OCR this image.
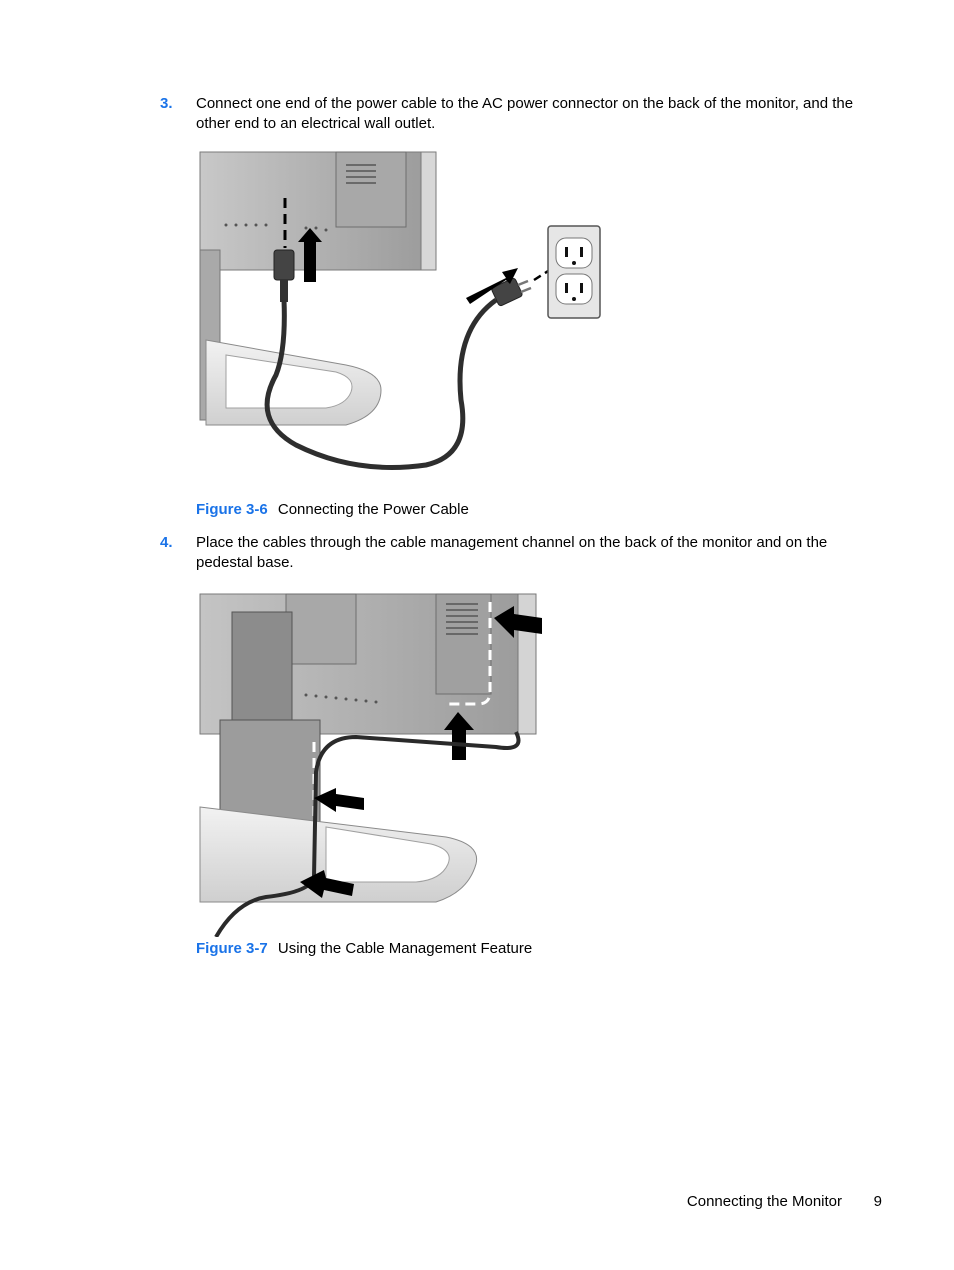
3. Connect one end of the power cable to the AC power connector on the back of the monitor, and the other end to an electrical wall outlet.
Figure 3-6 Connecting the Power Cable
4. Place the cables through the cable management channel on the back of the monitor and on the pedestal base.
Figure 3-7 Using the Cable Management Feature
Connecting the Monitor 9
